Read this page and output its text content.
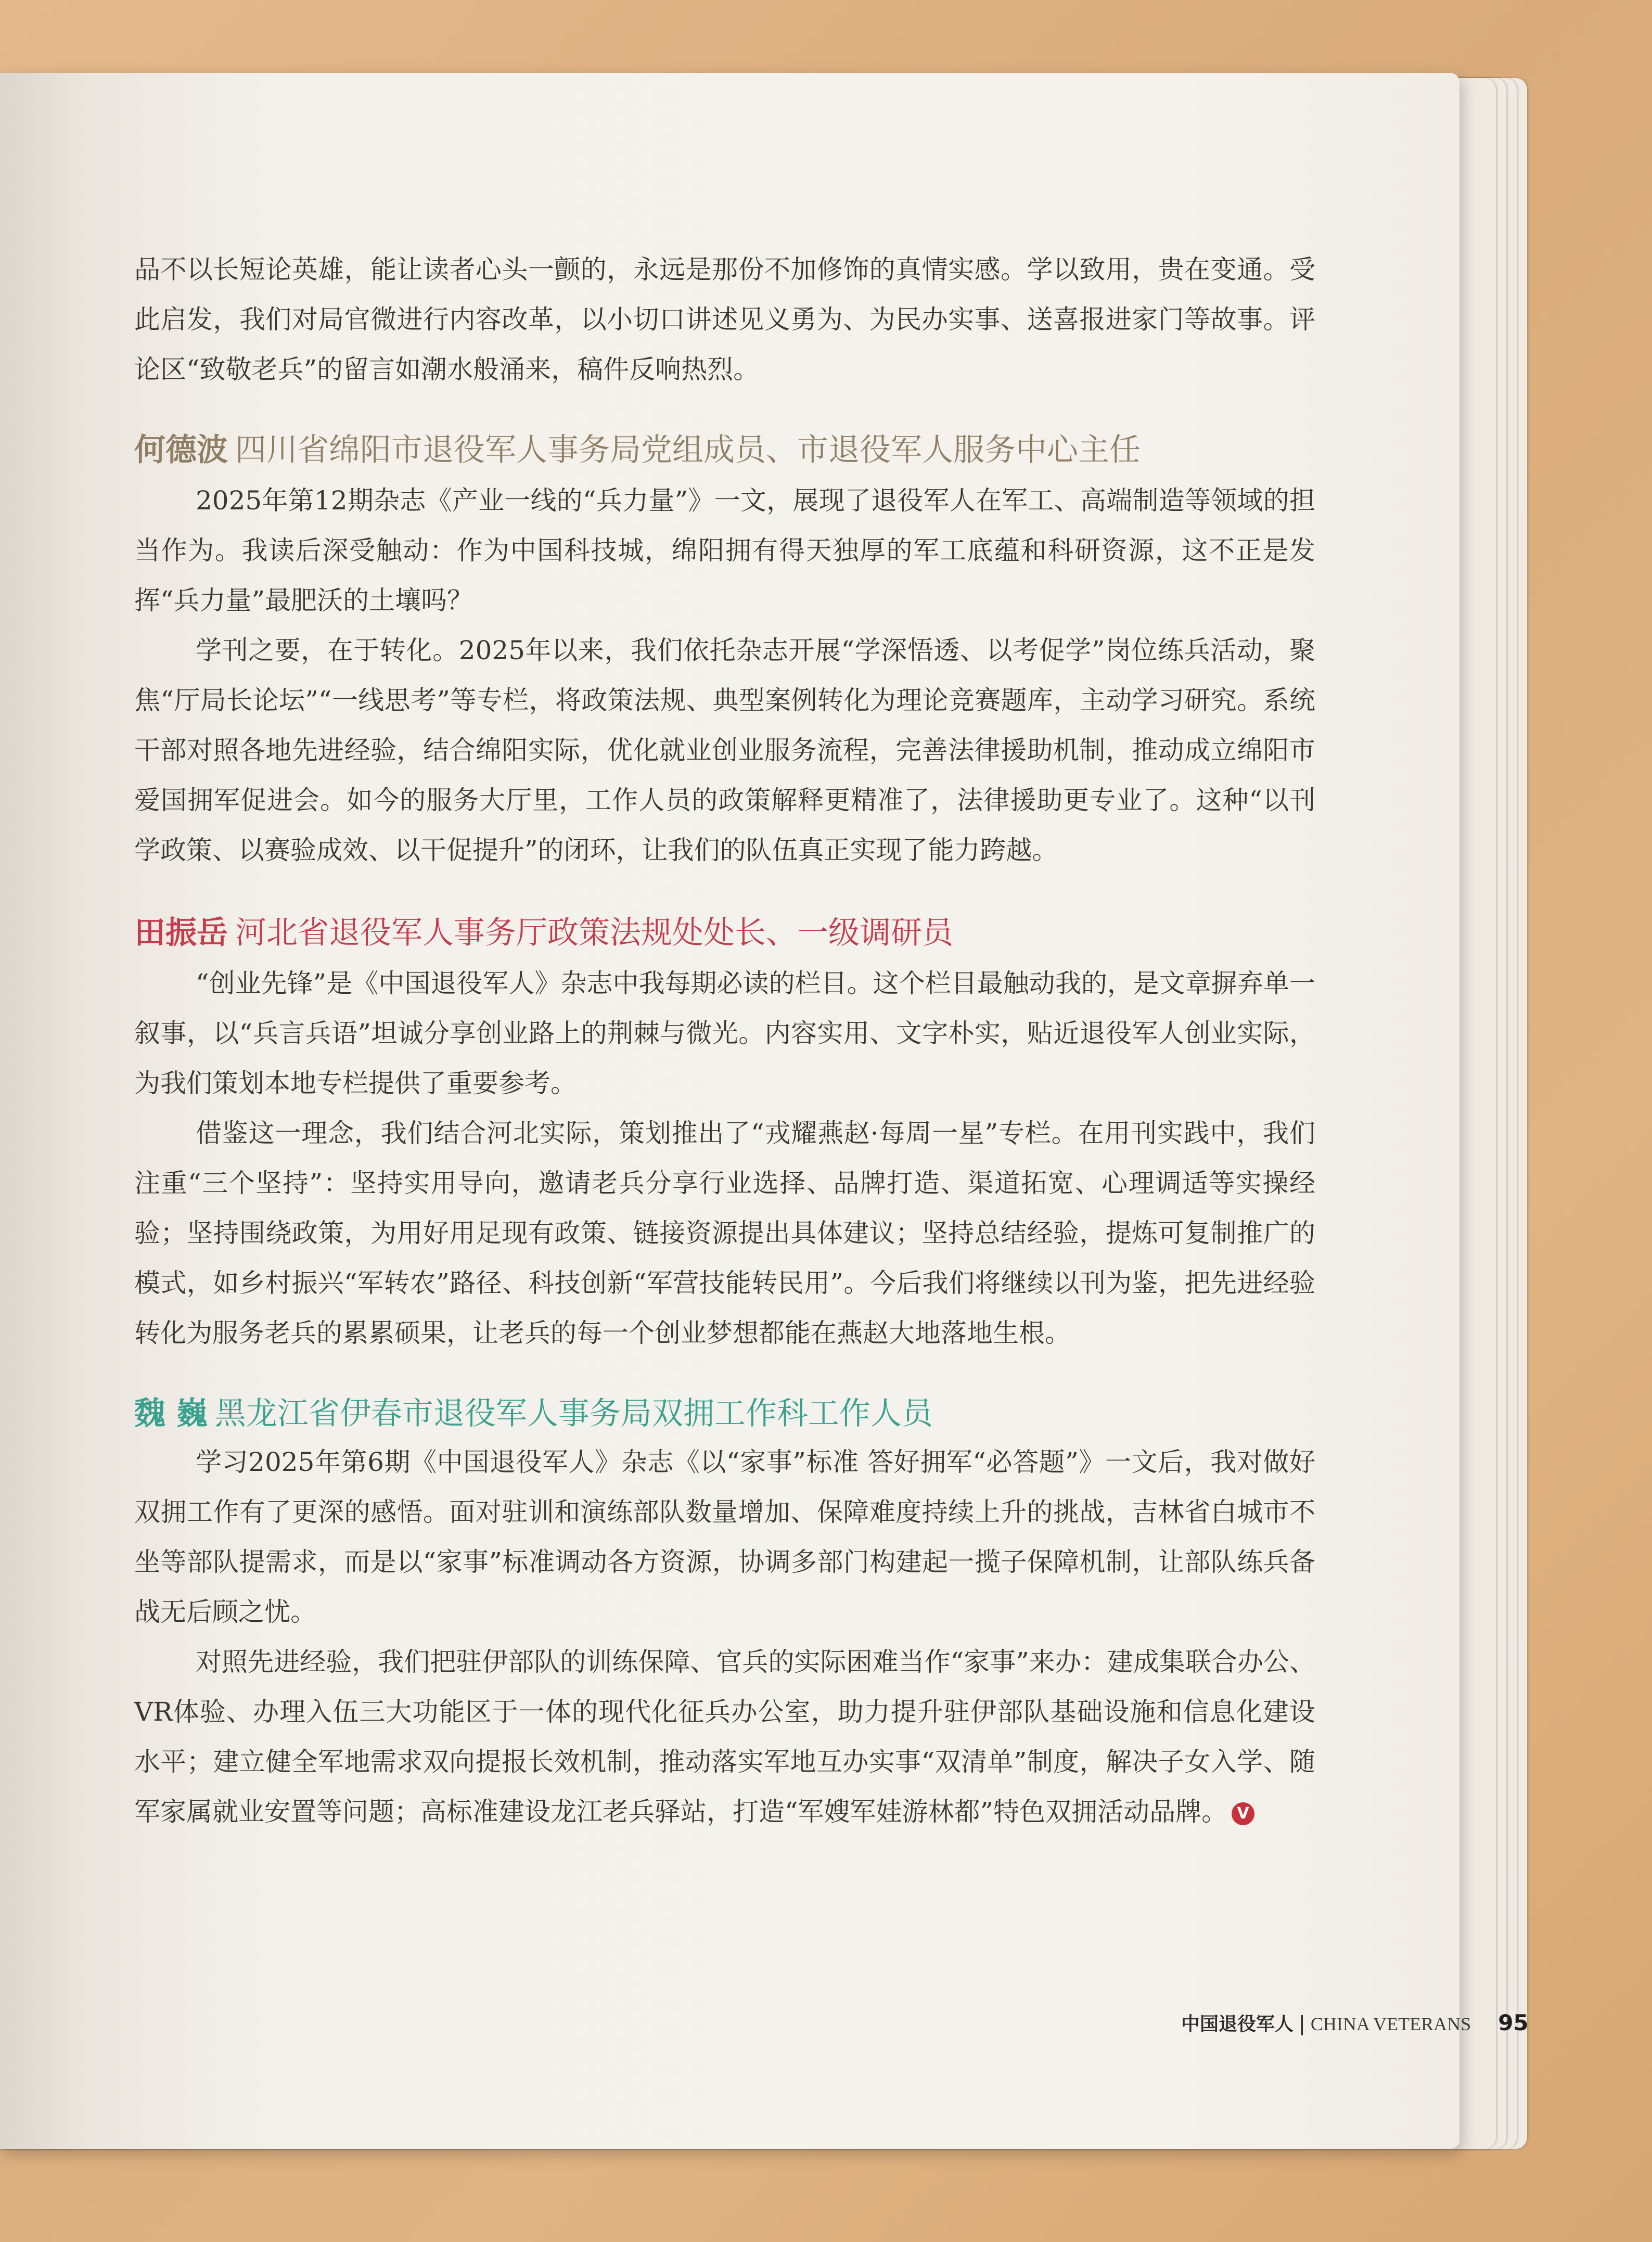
品不以长短论英雄，能让读者心头一颤的，永远是那份不加修饰的真情实感。学以致用，贵在变通。受此启发，我们对局官微进行内容改革，以小切口讲述见义勇为、为民办实事、送喜报进家门等故事。评论区“致敬老兵”的留言如潮水般涌来，稿件反响热烈。

何德波 四川省绵阳市退役军人事务局党组成员、市退役军人服务中心主任

2025年第12期杂志《产业一线的“兵力量”》一文，展现了退役军人在军工、高端制造等领域的担当作为。我读后深受触动：作为中国科技城，绵阳拥有得天独厚的军工底蕴和科研资源，这不正是发挥“兵力量”最肥沃的土壤吗？

学刊之要，在于转化。2025年以来，我们依托杂志开展“学深悟透、以考促学”岗位练兵活动，聚焦“厅局长论坛”“一线思考”等专栏，将政策法规、典型案例转化为理论竞赛题库，主动学习研究。系统干部对照各地先进经验，结合绵阳实际，优化就业创业服务流程，完善法律援助机制，推动成立绵阳市爱国拥军促进会。如今的服务大厅里，工作人员的政策解释更精准了，法律援助更专业了。这种“以刊学政策、以赛验成效、以干促提升”的闭环，让我们的队伍真正实现了能力跨越。

田振岳 河北省退役军人事务厅政策法规处处长、一级调研员

“创业先锋”是《中国退役军人》杂志中我每期必读的栏目。这个栏目最触动我的，是文章摒弃单一叙事，以“兵言兵语”坦诚分享创业路上的荆棘与微光。内容实用、文字朴实，贴近退役军人创业实际，为我们策划本地专栏提供了重要参考。

借鉴这一理念，我们结合河北实际，策划推出了“戎耀燕赵·每周一星”专栏。在用刊实践中，我们注重“三个坚持”：坚持实用导向，邀请老兵分享行业选择、品牌打造、渠道拓宽、心理调适等实操经验；坚持围绕政策，为用好用足现有政策、链接资源提出具体建议；坚持总结经验，提炼可复制推广的模式，如乡村振兴“军转农”路径、科技创新“军营技能转民用”。今后我们将继续以刊为鉴，把先进经验转化为服务老兵的累累硕果，让老兵的每一个创业梦想都能在燕赵大地落地生根。

魏 巍 黑龙江省伊春市退役军人事务局双拥工作科工作人员

学习2025年第6期《中国退役军人》杂志《以“家事”标准 答好拥军“必答题”》一文后，我对做好双拥工作有了更深的感悟。面对驻训和演练部队数量增加、保障难度持续上升的挑战，吉林省白城市不坐等部队提需求，而是以“家事”标准调动各方资源，协调多部门构建起一揽子保障机制，让部队练兵备战无后顾之忧。

对照先进经验，我们把驻伊部队的训练保障、官兵的实际困难当作“家事”来办：建成集联合办公、VR体验、办理入伍三大功能区于一体的现代化征兵办公室，助力提升驻伊部队基础设施和信息化建设水平；建立健全军地需求双向提报长效机制，推动落实军地互办实事“双清单”制度，解决子女入学、随军家属就业安置等问题；高标准建设龙江老兵驿站，打造“军嫂军娃游林都”特色双拥活动品牌。 V

中国退役军人 | CHINA VETERANS 95
